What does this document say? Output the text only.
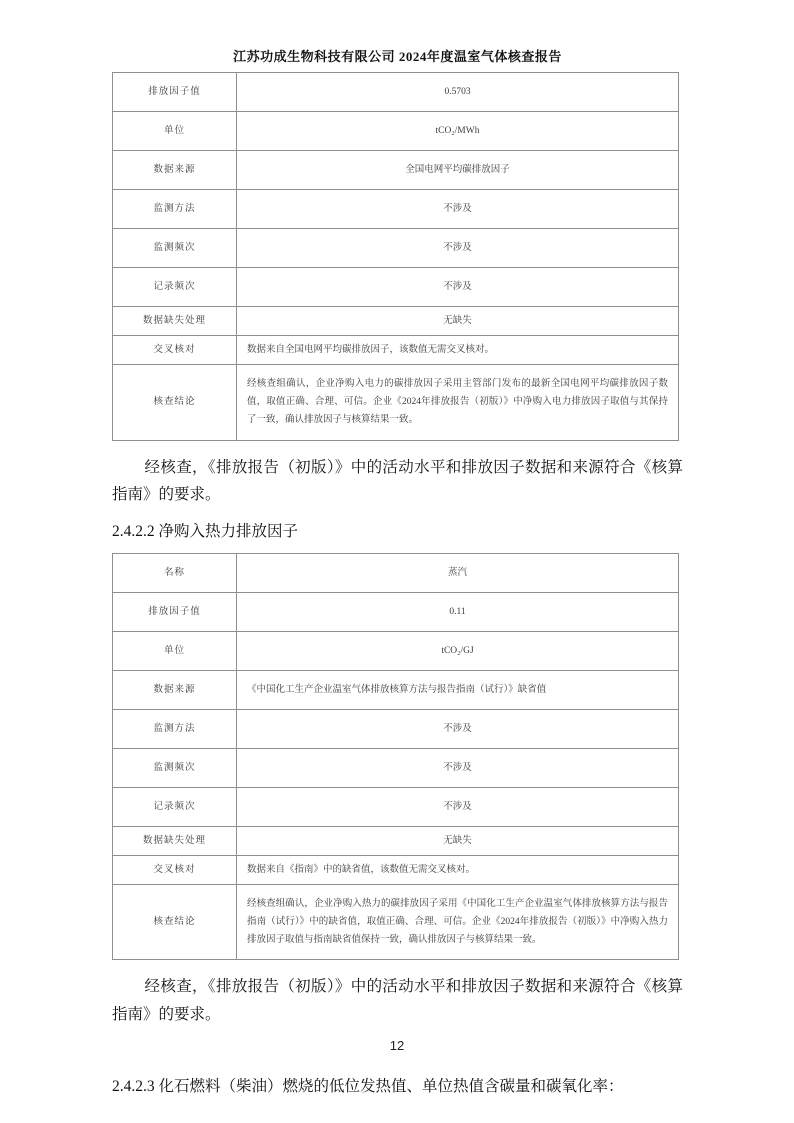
江苏功成生物科技有限公司 2024年度温室气体核查报告
排放因子值	0.5703
单位	tCO₂/MWh
数据来源	全国电网平均碳排放因子
监测方法	不涉及
监测频次	不涉及
记录频次	不涉及
数据缺失处理	无缺失
交叉核对	数据来自全国电网平均碳排放因子，该数值无需交叉核对。
核查结论	经核查组确认，企业净购入电力的碳排放因子采用主管部门发布的最新全国电网平均碳排放因子数值，取值正确、合理、可信。企业《2024年排放报告（初版）》中净购入电力排放因子取值与其保持了一致，确认排放因子与核算结果一致。

经核查，《排放报告（初版）》中的活动水平和排放因子数据和来源符合《核算指南》的要求。

2.4.2.2 净购入热力排放因子
名称	蒸汽
排放因子值	0.11
单位	tCO₂/GJ
数据来源	《中国化工生产企业温室气体排放核算方法与报告指南（试行）》缺省值
监测方法	不涉及
监测频次	不涉及
记录频次	不涉及
数据缺失处理	无缺失
交叉核对	数据来自《指南》中的缺省值，该数值无需交叉核对。
核查结论	经核查组确认，企业净购入热力的碳排放因子采用《中国化工生产企业温室气体排放核算方法与报告指南（试行）》中的缺省值，取值正确、合理、可信。企业《2024年排放报告（初版）》中净购入热力排放因子取值与指南缺省值保持一致，确认排放因子与核算结果一致。

经核查，《排放报告（初版）》中的活动水平和排放因子数据和来源符合《核算指南》的要求。

2.4.2.3 化石燃料（柴油）燃烧的低位发热值、单位热值含碳量和碳氧化率：
12
